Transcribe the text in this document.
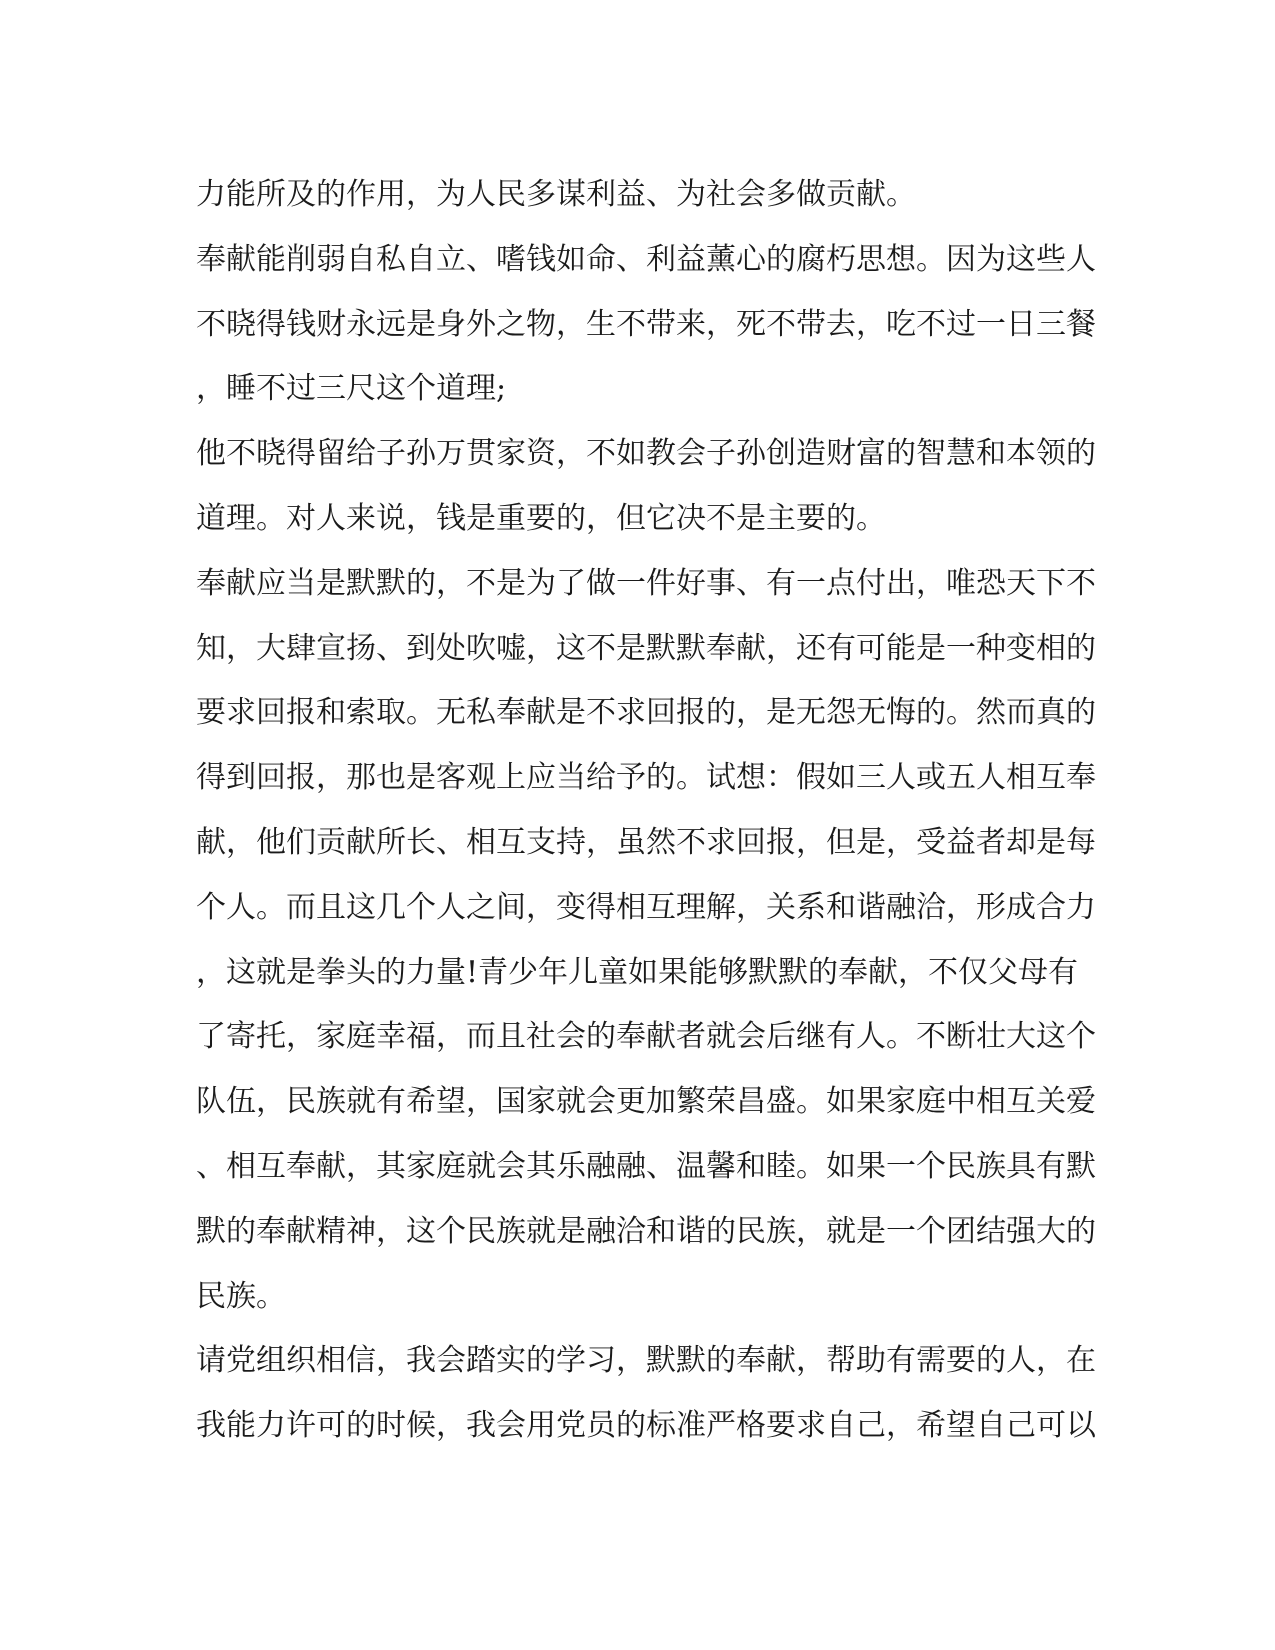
力能所及的作用，为人民多谋利益、为社会多做贡献。
奉献能削弱自私自立、嗜钱如命、利益薰心的腐朽思想。因为这些人
不晓得钱财永远是身外之物，生不带来，死不带去，吃不过一日三餐
，睡不过三尺这个道理;
他不晓得留给子孙万贯家资，不如教会子孙创造财富的智慧和本领的
道理。对人来说，钱是重要的，但它决不是主要的。
奉献应当是默默的，不是为了做一件好事、有一点付出，唯恐天下不
知，大肆宣扬、到处吹嘘，这不是默默奉献，还有可能是一种变相的
要求回报和索取。无私奉献是不求回报的，是无怨无悔的。然而真的
得到回报，那也是客观上应当给予的。试想：假如三人或五人相互奉
献，他们贡献所长、相互支持，虽然不求回报，但是，受益者却是每
个人。而且这几个人之间，变得相互理解，关系和谐融洽，形成合力
，这就是拳头的力量!青少年儿童如果能够默默的奉献，不仅父母有
了寄托，家庭幸福，而且社会的奉献者就会后继有人。不断壮大这个
队伍，民族就有希望，国家就会更加繁荣昌盛。如果家庭中相互关爱
、相互奉献，其家庭就会其乐融融、温馨和睦。如果一个民族具有默
默的奉献精神，这个民族就是融洽和谐的民族，就是一个团结强大的
民族。
请党组织相信，我会踏实的学习，默默的奉献，帮助有需要的人，在
我能力许可的时候，我会用党员的标准严格要求自己，希望自己可以
